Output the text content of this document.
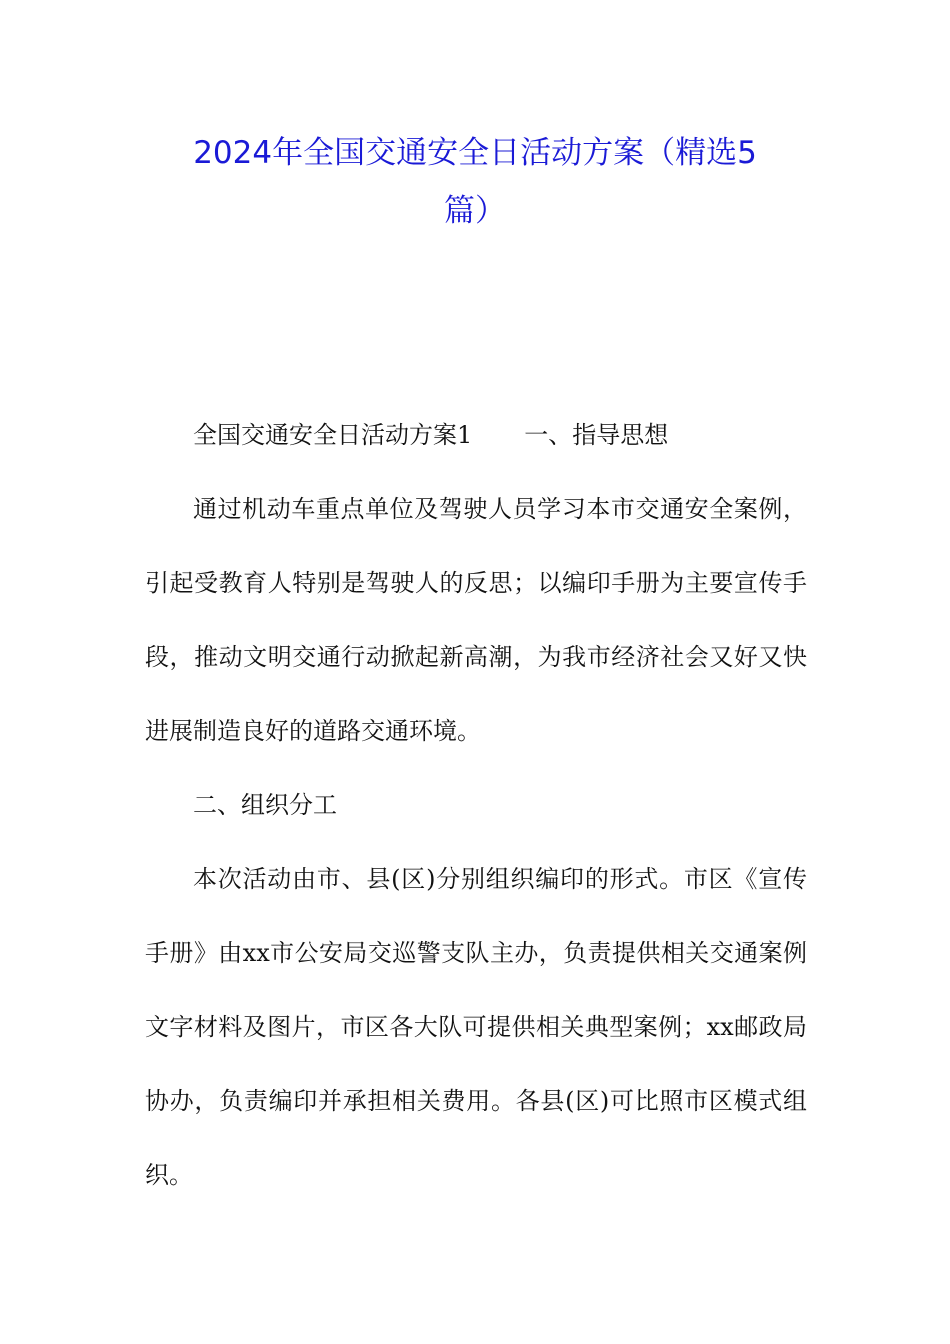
2024年全国交通安全日活动方案（精选5
篇）

全国交通安全日活动方案1 一、指导思想

通过机动车重点单位及驾驶人员学习本市交通安全案例，

引起受教育人特别是驾驶人的反思；以编印手册为主要宣传手

段，推动文明交通行动掀起新高潮，为我市经济社会又好又快

进展制造良好的道路交通环境。

二、组织分工

本次活动由市、县(区)分别组织编印的形式。市区《宣传

手册》由xx市公安局交巡警支队主办，负责提供相关交通案例

文字材料及图片，市区各大队可提供相关典型案例；xx邮政局

协办，负责编印并承担相关费用。各县(区)可比照市区模式组

织。
